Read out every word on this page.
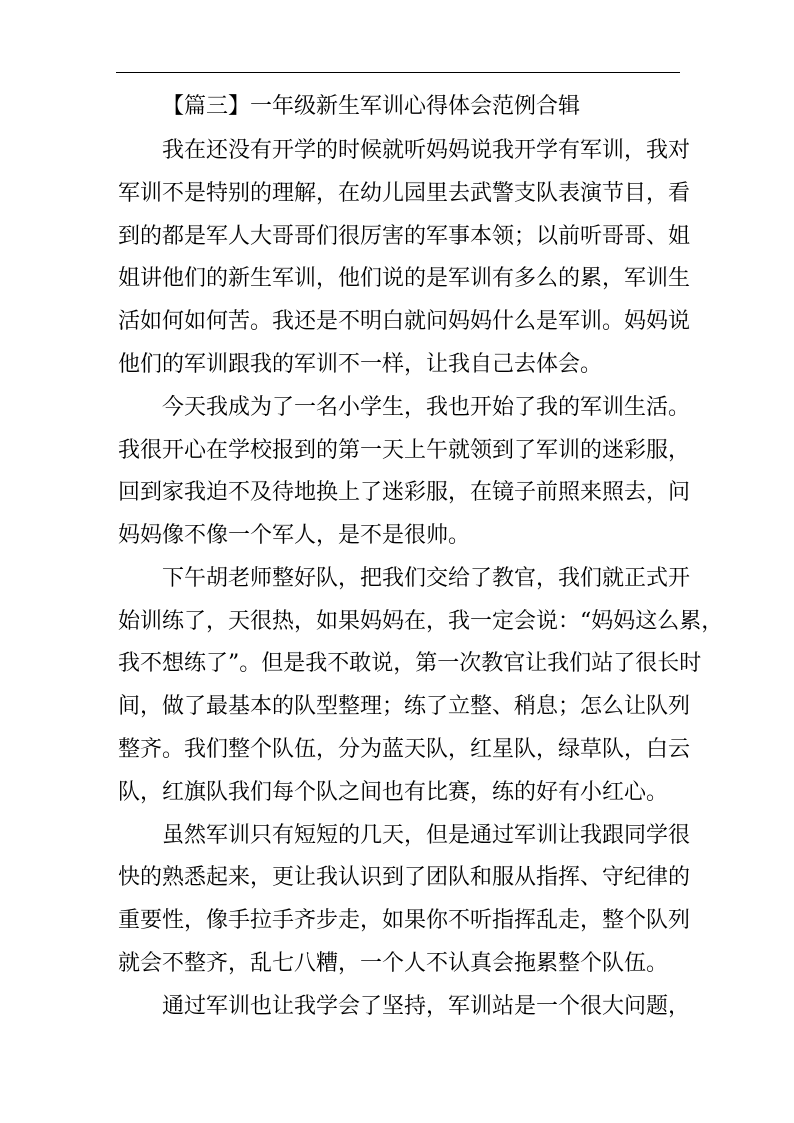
【篇三】一年级新生军训心得体会范例合辑
我在还没有开学的时候就听妈妈说我开学有军训，我对
军训不是特别的理解，在幼儿园里去武警支队表演节目，看
到的都是军人大哥哥们很厉害的军事本领；以前听哥哥、姐
姐讲他们的新生军训，他们说的是军训有多么的累，军训生
活如何如何苦。我还是不明白就问妈妈什么是军训。妈妈说
他们的军训跟我的军训不一样，让我自己去体会。
今天我成为了一名小学生，我也开始了我的军训生活。
我很开心在学校报到的第一天上午就领到了军训的迷彩服，
回到家我迫不及待地换上了迷彩服，在镜子前照来照去，问
妈妈像不像一个军人，是不是很帅。
下午胡老师整好队，把我们交给了教官，我们就正式开
始训练了，天很热，如果妈妈在，我一定会说：“妈妈这么累，
我不想练了”。但是我不敢说，第一次教官让我们站了很长时
间，做了最基本的队型整理；练了立整、稍息；怎么让队列
整齐。我们整个队伍，分为蓝天队，红星队，绿草队，白云
队，红旗队我们每个队之间也有比赛，练的好有小红心。
虽然军训只有短短的几天，但是通过军训让我跟同学很
快的熟悉起来，更让我认识到了团队和服从指挥、守纪律的
重要性，像手拉手齐步走，如果你不听指挥乱走，整个队列
就会不整齐，乱七八糟，一个人不认真会拖累整个队伍。
通过军训也让我学会了坚持，军训站是一个很大问题，
